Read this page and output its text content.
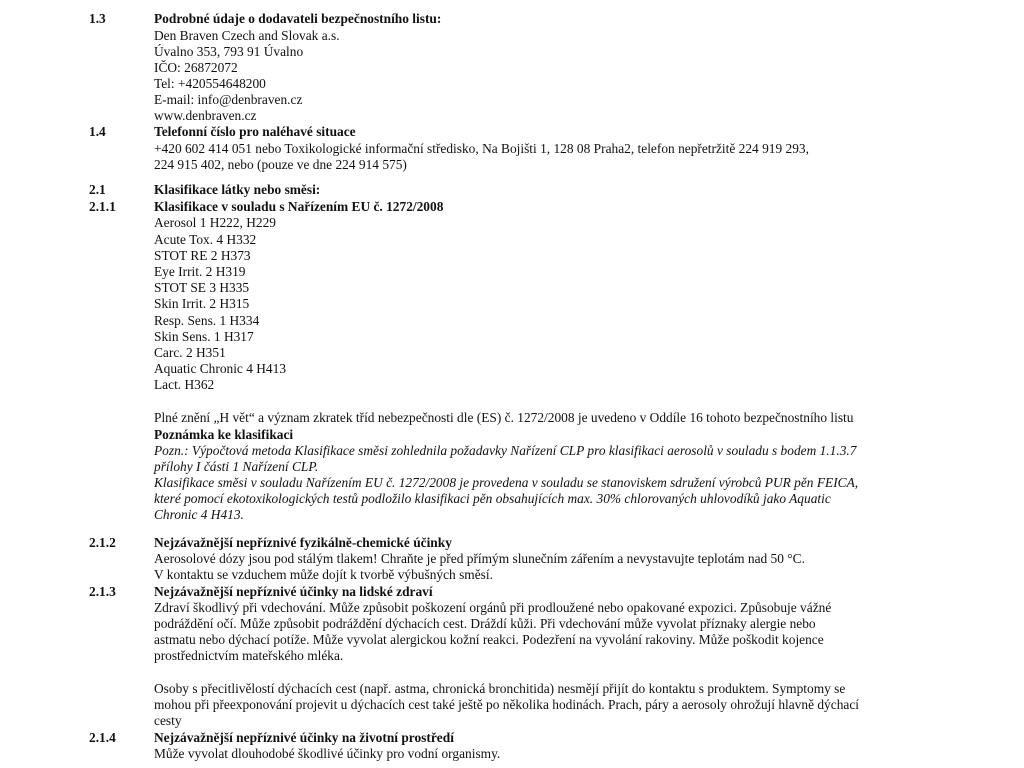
1.3	Podrobné údaje o dodavateli bezpečnostního listu:
Den Braven Czech and Slovak a.s.
Úvalno 353, 793 91 Úvalno
IČO: 26872072
Tel: +420554648200
E-mail: info@denbraven.cz
www.denbraven.cz
1.4	Telefonní číslo pro naléhavé situace
+420 602 414 051 nebo Toxikologické informační středisko, Na Bojišti 1, 128 08 Praha2, telefon nepřetržitě 224 919 293,
224 915 402, nebo (pouze ve dne 224 914 575)
2.1	Klasifikace látky nebo směsi:
2.1.1	Klasifikace v souladu s Nařízením EU č. 1272/2008
Aerosol 1 H222, H229
Acute Tox. 4 H332
STOT RE 2 H373
Eye Irrit. 2 H319
STOT SE 3 H335
Skin Irrit. 2 H315
Resp. Sens. 1 H334
Skin Sens. 1 H317
Carc. 2 H351
Aquatic Chronic 4 H413
Lact. H362
Plné znění „H vět“ a význam zkratek tříd nebezpečnosti dle (ES) č. 1272/2008 je uvedeno v Oddíle 16 tohoto bezpečnostního listu
Poznámka ke klasifikaci
Pozn.: Výpočtová metoda Klasifikace směsi zohlednila požadavky Nařízení CLP pro klasifikaci aerosolů v souladu s bodem 1.1.3.7
přílohy I části 1 Nařízení CLP.
Klasifikace směsi v souladu Nařízením EU č. 1272/2008 je provedena v souladu se stanoviskem sdružení výrobců PUR pěn FEICA,
které pomocí ekotoxikologických testů podložilo klasifikaci pěn obsahujících max. 30% chlorovaných uhlovodíků jako Aquatic
Chronic 4 H413.
2.1.2	Nejzávažnější nepříznivé fyzikálně-chemické účinky
Aerosolové dózy jsou pod stálým tlakem! Chraňte je před přímým slunečním zářením a nevystavujte teplotám nad 50 °C.
V kontaktu se vzduchem může dojít k tvorbě výbušných směsí.
2.1.3	Nejzávažnější nepříznivé účinky na lidské zdraví
Zdraví škodlivý při vdechování. Může způsobit poškození orgánů při prodloužené nebo opakované expozici. Způsobuje vážné
podráždění očí. Může způsobit podráždění dýchacích cest. Dráždí kůži. Při vdechování může vyvolat příznaky alergie nebo
astmatu nebo dýchací potíže. Může vyvolat alergickou kožní reakci. Podezření na vyvolání rakoviny. Může poškodit kojence
prostřednictvím mateřského mléka.
Osoby s přecitlivělostí dýchacích cest (např. astma, chronická bronchitida) nesmějí přijít do kontaktu s produktem. Symptomy se
mohou při přeexponování projevit u dýchacích cest také ještě po několika hodinách. Prach, páry a aerosoly ohrožují hlavně dýchací
cesty
2.1.4	Nejzávažnější nepříznivé účinky na životní prostředí
Může vyvolat dlouhodobé škodlivé účinky pro vodní organismy.
